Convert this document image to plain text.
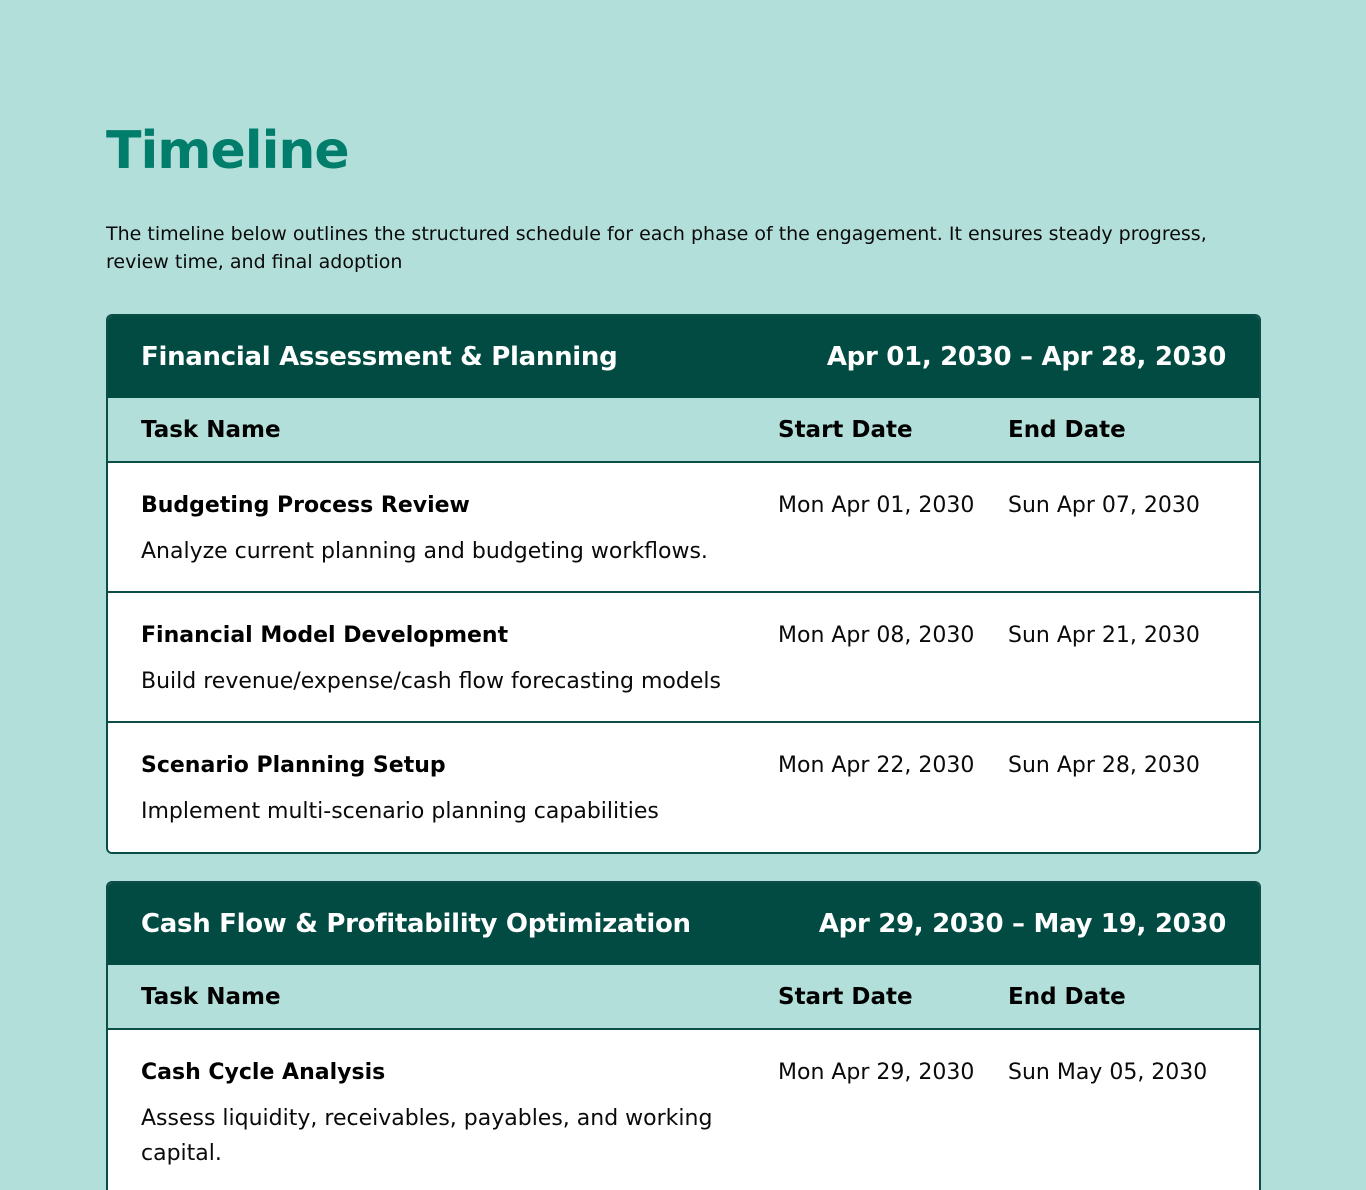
Timeline

The timeline below outlines the structured schedule for each phase of the engagement. It ensures steady progress, review time, and final adoption

Financial Assessment & Planning	Apr 01, 2030 – Apr 28, 2030
Task Name	Start Date	End Date

Budgeting Process Review

Analyze current planning and budgeting workflows.

Mon Apr 01, 2030	Sun Apr 07, 2030

Financial Model Development

Build revenue/expense/cash flow forecasting models

Mon Apr 08, 2030	Sun Apr 21, 2030

Scenario Planning Setup

Implement multi-scenario planning capabilities

Mon Apr 22, 2030	Sun Apr 28, 2030
Cash Flow & Profitability Optimization	Apr 29, 2030 – May 19, 2030
Task Name	Start Date	End Date

Cash Cycle Analysis

Assess liquidity, receivables, payables, and working capital.

Mon Apr 29, 2030	Sun May 05, 2030
